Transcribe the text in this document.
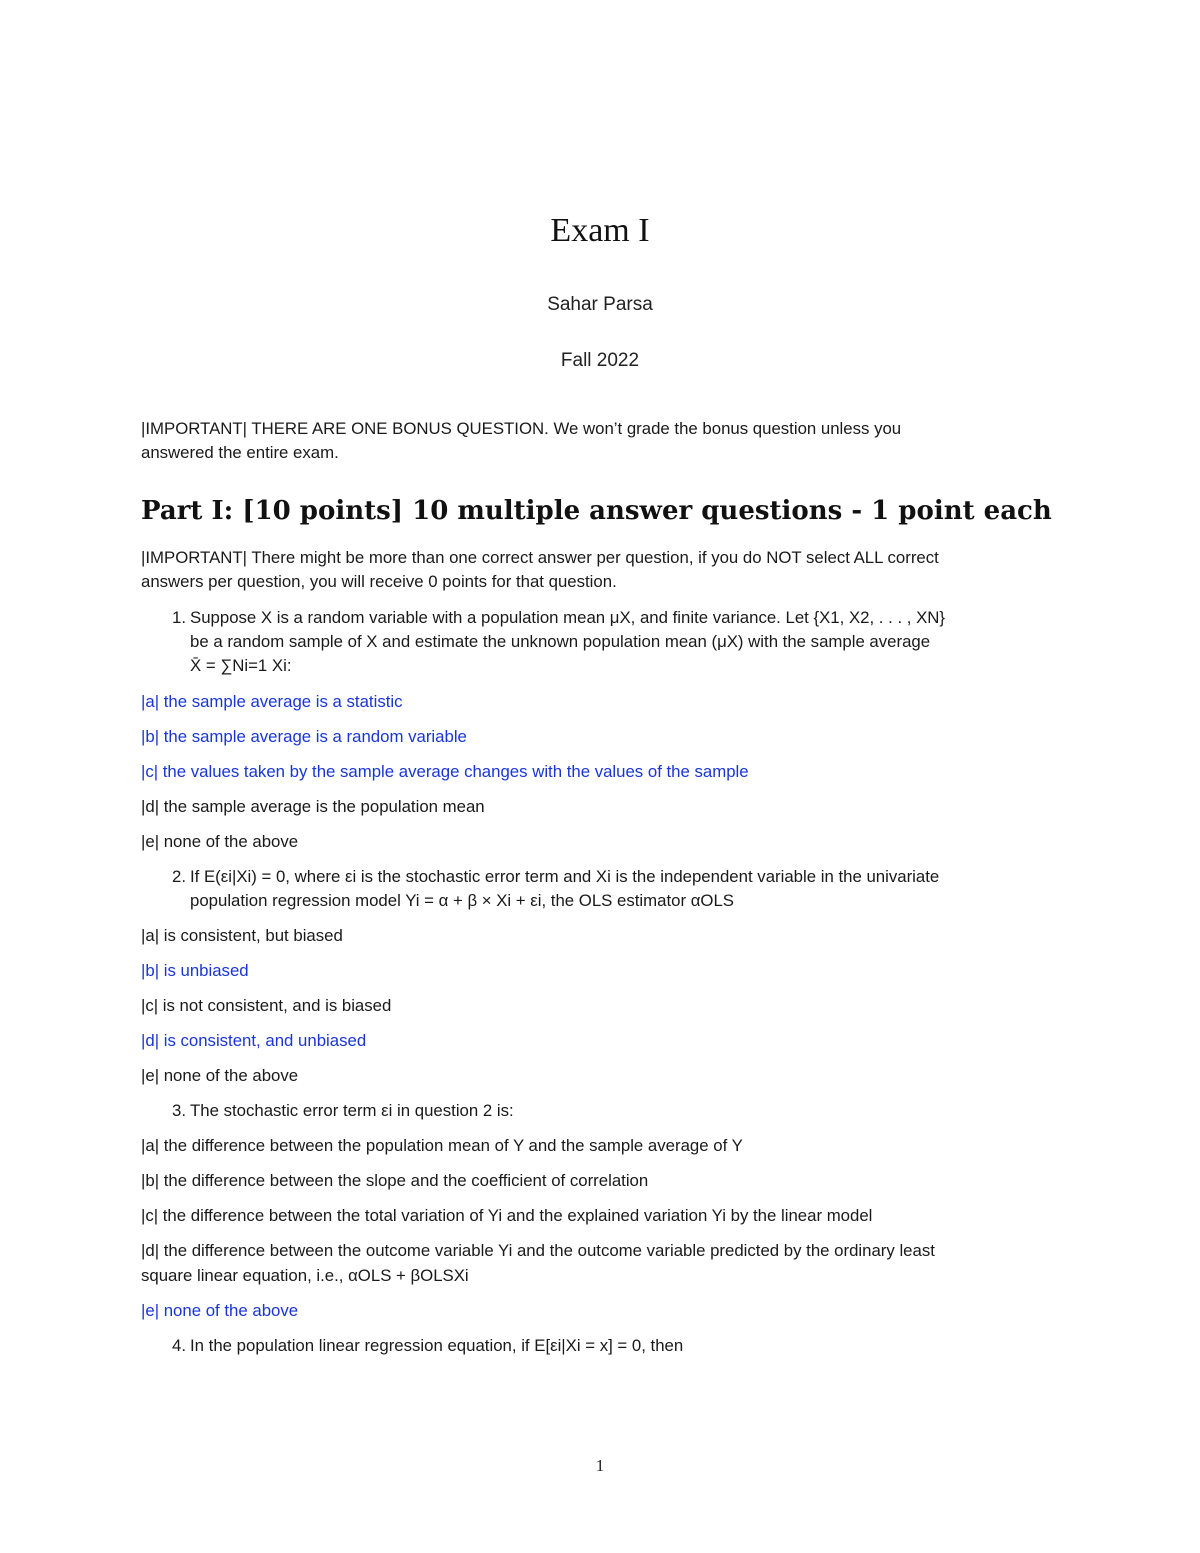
Exam I
Sahar Parsa
Fall 2022
|IMPORTANT| THERE ARE ONE BONUS QUESTION. We won’t grade the bonus question unless you
answered the entire exam.
Part I: [10 points] 10 multiple answer questions - 1 point each
|IMPORTANT| There might be more than one correct answer per question, if you do NOT select ALL correct
answers per question, you will receive 0 points for that question.
1. Suppose X is a random variable with a population mean μX, and finite variance. Let {X1, X2, . . . , XN}
be a random sample of X and estimate the unknown population mean (μX) with the sample average
X̄ = ∑Ni=1 Xi:
|a| the sample average is a statistic
|b| the sample average is a random variable
|c| the values taken by the sample average changes with the values of the sample
|d| the sample average is the population mean
|e| none of the above
2. If E(εi|Xi) = 0, where εi is the stochastic error term and Xi is the independent variable in the univariate
population regression model Yi = α + β × Xi + εi, the OLS estimator αOLS
|a| is consistent, but biased
|b| is unbiased
|c| is not consistent, and is biased
|d| is consistent, and unbiased
|e| none of the above
3. The stochastic error term εi in question 2 is:
|a| the difference between the population mean of Y and the sample average of Y
|b| the difference between the slope and the coefficient of correlation
|c| the difference between the total variation of Yi and the explained variation Yi by the linear model
|d| the difference between the outcome variable Yi and the outcome variable predicted by the ordinary least
square linear equation, i.e., αOLS + βOLSXi
|e| none of the above
4. In the population linear regression equation, if E[εi|Xi = x] = 0, then
1
